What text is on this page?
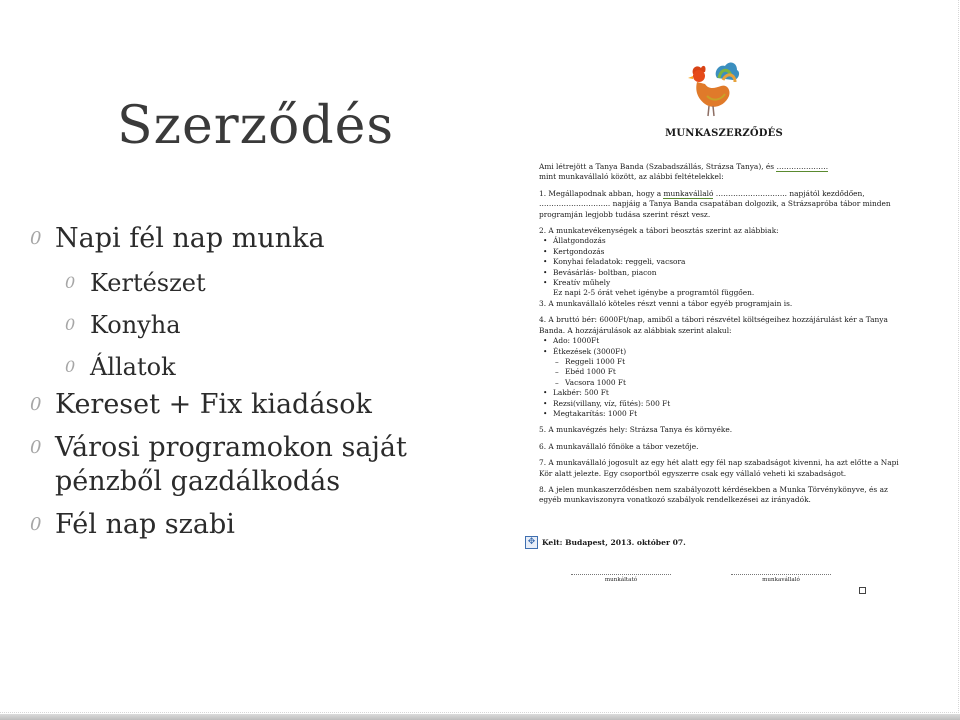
Szerződés
0 Napi fél nap munka
0 Kertészet
0 Konyha
0 Állatok
0 Kereset + Fix kiadások
0 Városi programokon saját pénzből gazdálkodás
0 Fél nap szabi
MUNKASZERZŐDÉS

Ami létrejött a Tanya Banda (Szabadszállás, Strázsa Tanya), és …………………

mint munkavállaló között, az alábbi feltételekkel:

1. Megállapodnak abban, hogy a munkavállaló ……………………….. napjától kezdődően,

……………………….. napjáig a Tanya Banda csapatában dolgozik, a Strázsapróba tábor minden

programján legjobb tudása szerint részt vesz.

2. A munkatevékenységek a tábori beosztás szerint az alábbiak:

• Állatgondozás
• Kertgondozás
• Konyhai feladatok: reggeli, vacsora
• Bevásárlás- boltban, piacon
• Kreatív műhely

Ez napi 2-5 órát vehet igénybe a programtól függően.

3. A munkavállaló köteles részt venni a tábor egyéb programjain is.

4. A bruttó bér: 6000Ft/nap, amiből a tábori részvétel költségeihez hozzájárulást kér a Tanya

Banda. A hozzájárulások az alábbiak szerint alakul:

• Ado: 1000Ft
• Étkezések (3000Ft)
– Reggeli 1000 Ft
– Ebéd 1000 Ft
– Vacsora 1000 Ft
• Lakbér: 500 Ft
• Rezsi(villany, víz, fűtés): 500 Ft
• Megtakarítás: 1000 Ft

5. A munkavégzés hely: Strázsa Tanya és környéke.

6. A munkavállaló főnöke a tábor vezetője.

7. A munkavállaló jogosult az egy hét alatt egy fél nap szabadságot kivenni, ha azt előtte a Napi

Kör alatt jelezte. Egy csoportból egyszerre csak egy vállaló veheti ki szabadságot.

8. A jelen munkaszerződésben nem szabályozott kérdésekben a Munka Törvénykönyve, és az

egyéb munkaviszonyra vonatkozó szabályok rendelkezései az irányadók.

✥ Kelt: Budapest, 2013. október 07.
munkáltató	munkavállaló
